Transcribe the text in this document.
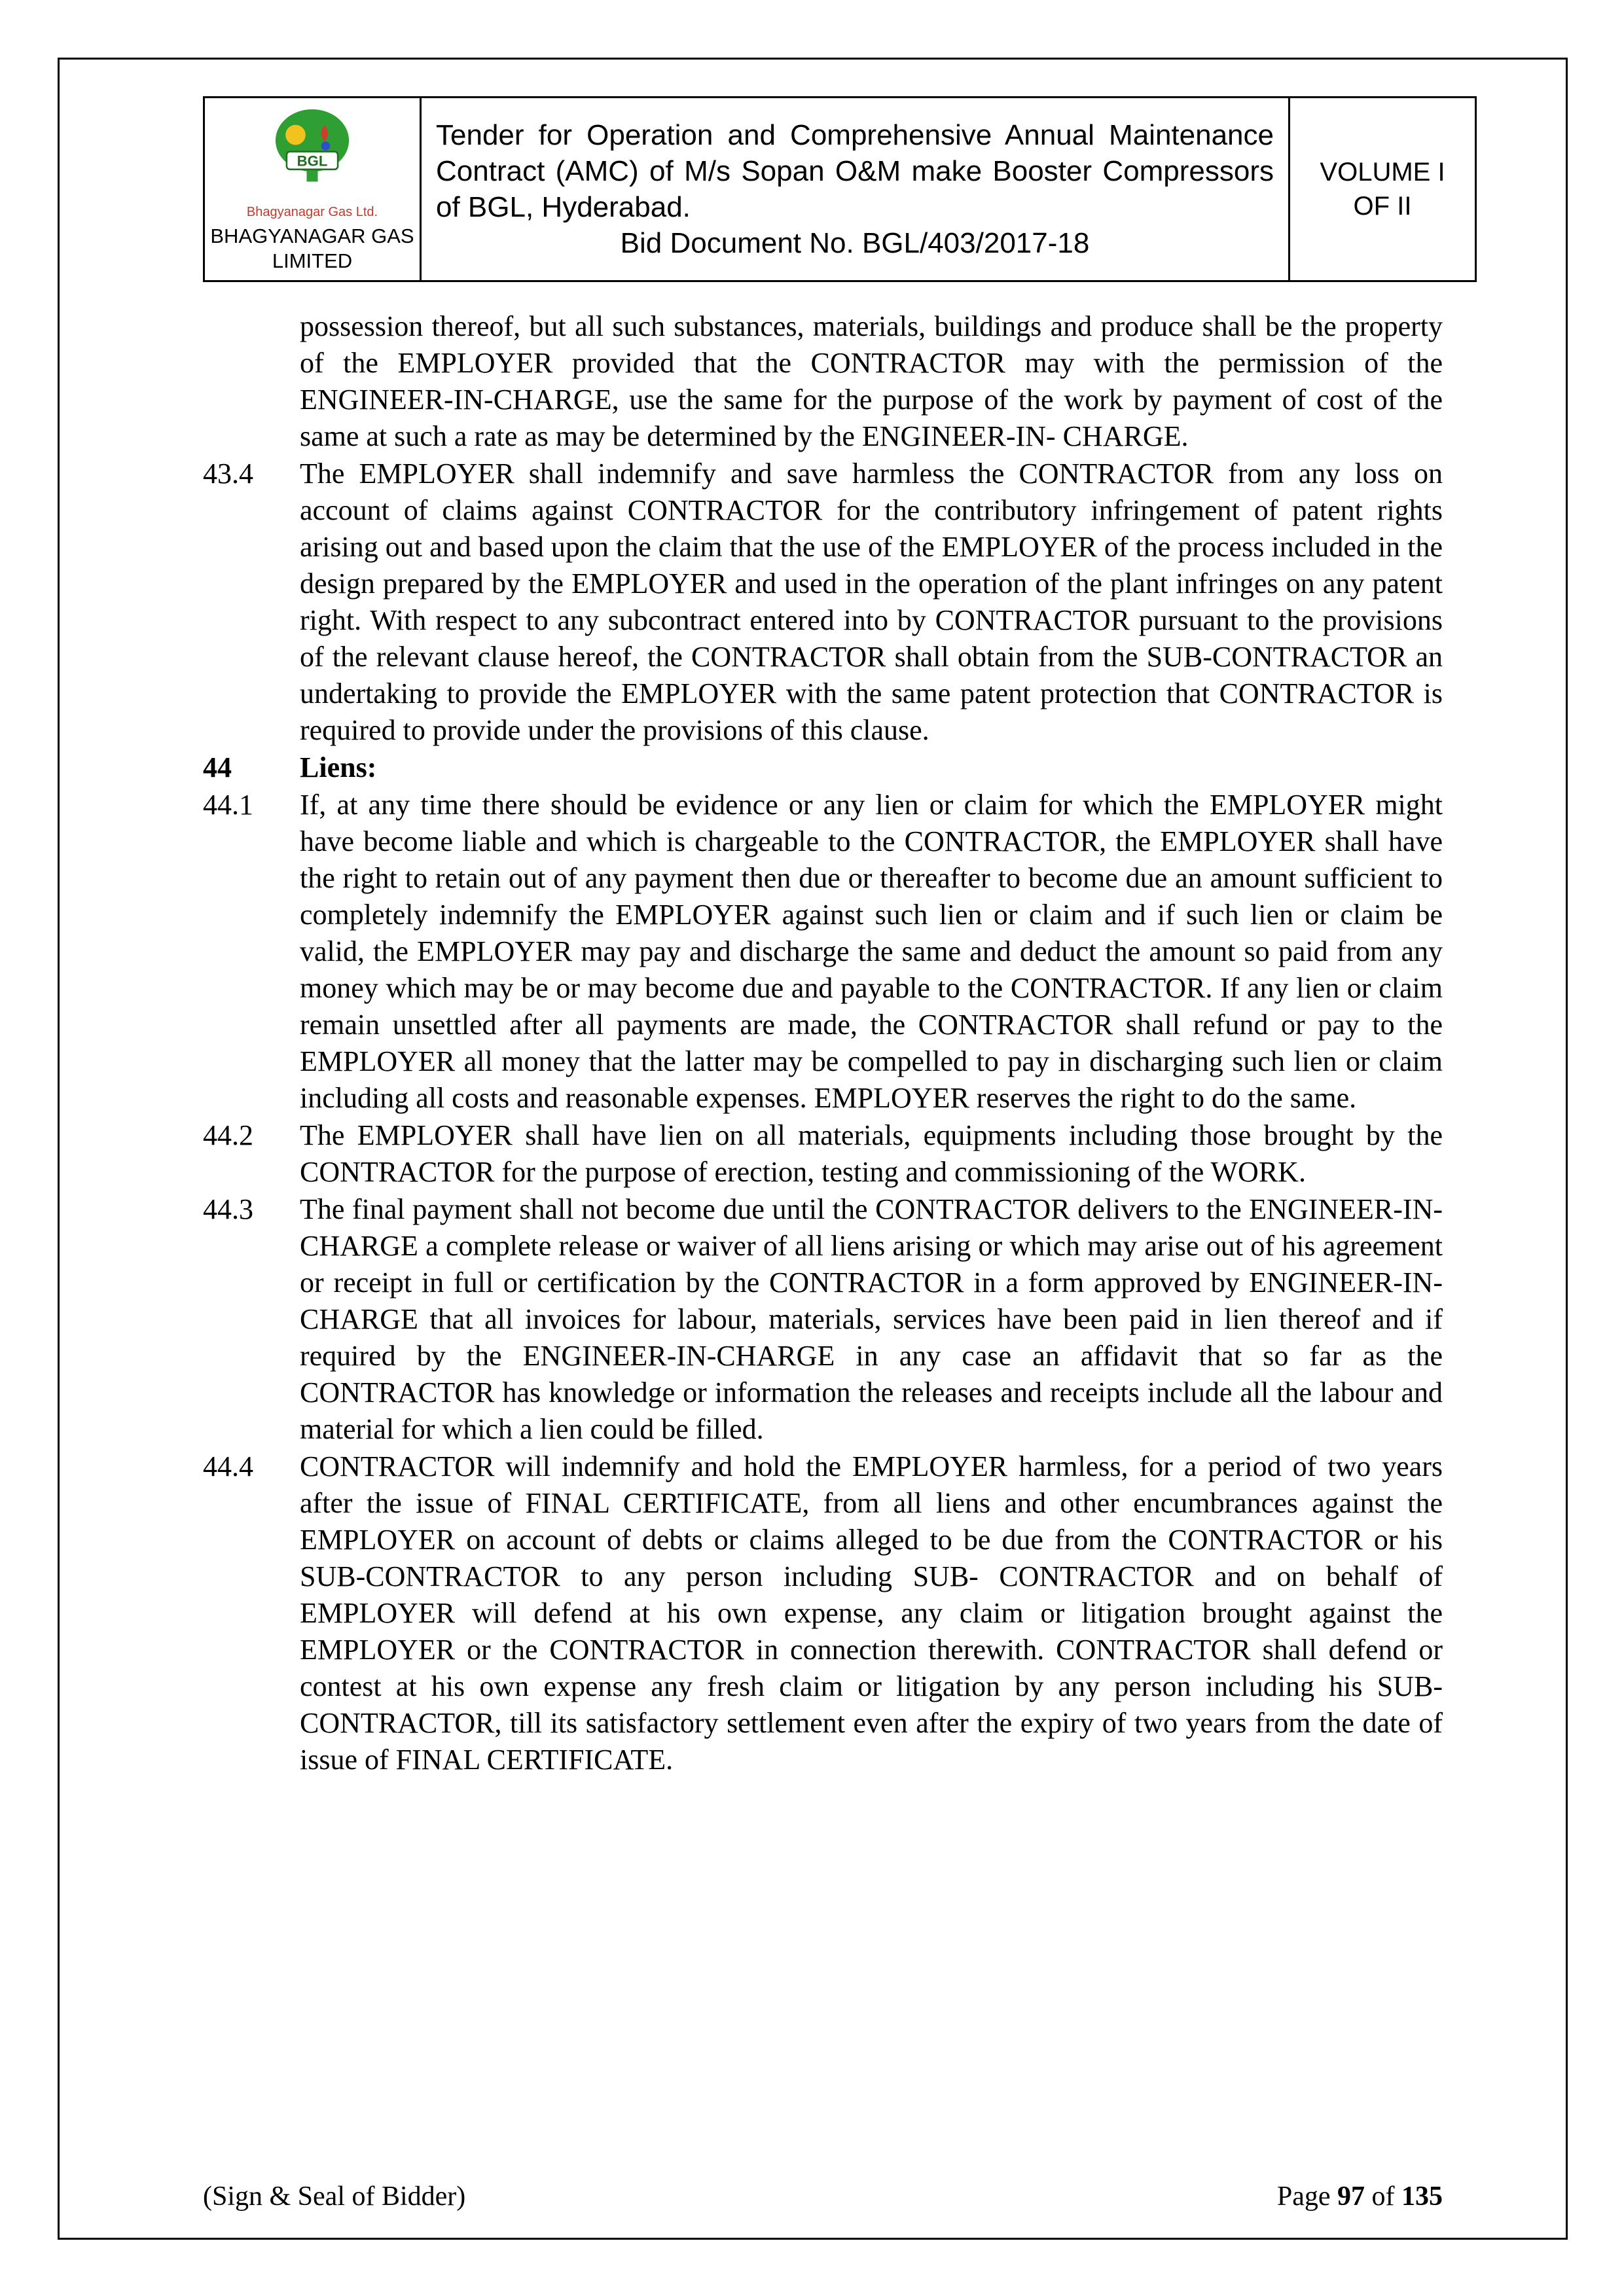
BGL
Bhagyanagar Gas Ltd.
BHAGYANAGAR GAS
LIMITED
Tender for Operation and Comprehensive Annual Maintenance Contract (AMC) of M/s Sopan O&M make Booster Compressors of BGL, Hyderabad.
Bid Document No. BGL/403/2017-18
VOLUME I
OF II
possession thereof, but all such substances, materials, buildings and produce shall be the property of the EMPLOYER provided that the CONTRACTOR may with the permission of the ENGINEER-IN-CHARGE, use the same for the purpose of the work by payment of cost of the same at such a rate as may be determined by the ENGINEER-IN- CHARGE.
43.4 The EMPLOYER shall indemnify and save harmless the CONTRACTOR from any loss on account of claims against CONTRACTOR for the contributory infringement of patent rights arising out and based upon the claim that the use of the EMPLOYER of the process included in the design prepared by the EMPLOYER and used in the operation of the plant infringes on any patent right. With respect to any subcontract entered into by CONTRACTOR pursuant to the provisions of the relevant clause hereof, the CONTRACTOR shall obtain from the SUB-CONTRACTOR an undertaking to provide the EMPLOYER with the same patent protection that CONTRACTOR is required to provide under the provisions of this clause.
44 Liens:
44.1 If, at any time there should be evidence or any lien or claim for which the EMPLOYER might have become liable and which is chargeable to the CONTRACTOR, the EMPLOYER shall have the right to retain out of any payment then due or thereafter to become due an amount sufficient to completely indemnify the EMPLOYER against such lien or claim and if such lien or claim be valid, the EMPLOYER may pay and discharge the same and deduct the amount so paid from any money which may be or may become due and payable to the CONTRACTOR. If any lien or claim remain unsettled after all payments are made, the CONTRACTOR shall refund or pay to the EMPLOYER all money that the latter may be compelled to pay in discharging such lien or claim including all costs and reasonable expenses. EMPLOYER reserves the right to do the same.
44.2 The EMPLOYER shall have lien on all materials, equipments including those brought by the CONTRACTOR for the purpose of erection, testing and commissioning of the WORK.
44.3 The final payment shall not become due until the CONTRACTOR delivers to the ENGINEER-IN-CHARGE a complete release or waiver of all liens arising or which may arise out of his agreement or receipt in full or certification by the CONTRACTOR in a form approved by ENGINEER-IN-CHARGE that all invoices for labour, materials, services have been paid in lien thereof and if required by the ENGINEER-IN-CHARGE in any case an affidavit that so far as the CONTRACTOR has knowledge or information the releases and receipts include all the labour and material for which a lien could be filled.
44.4 CONTRACTOR will indemnify and hold the EMPLOYER harmless, for a period of two years after the issue of FINAL CERTIFICATE, from all liens and other encumbrances against the EMPLOYER on account of debts or claims alleged to be due from the CONTRACTOR or his SUB-CONTRACTOR to any person including SUB- CONTRACTOR and on behalf of EMPLOYER will defend at his own expense, any claim or litigation brought against the EMPLOYER or the CONTRACTOR in connection therewith. CONTRACTOR shall defend or contest at his own expense any fresh claim or litigation by any person including his SUB-CONTRACTOR, till its satisfactory settlement even after the expiry of two years from the date of issue of FINAL CERTIFICATE.
(Sign & Seal of Bidder)	Page 97 of 135
